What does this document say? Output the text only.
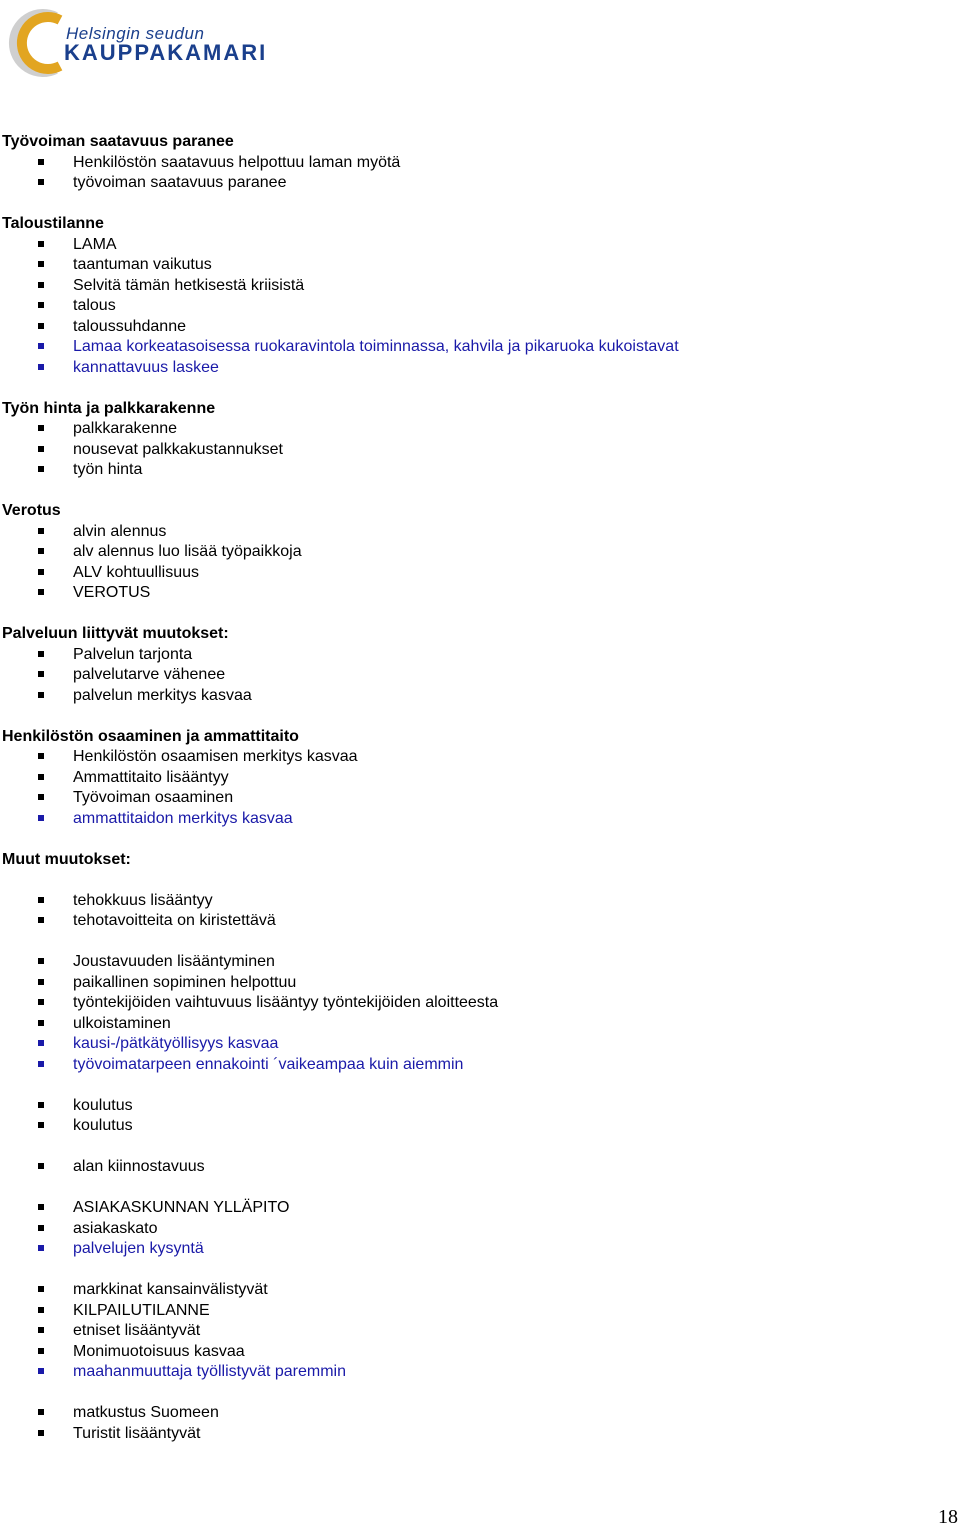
Helsingin seudun
KAUPPAKAMARI
Työvoiman saatavuus paranee
Henkilöstön saatavuus helpottuu laman myötä
työvoiman saatavuus paranee
Taloustilanne
LAMA
taantuman vaikutus
Selvitä tämän hetkisestä kriisistä
talous
taloussuhdanne
Lamaa korkeatasoisessa ruokaravintola toiminnassa, kahvila ja pikaruoka kukoistavat
kannattavuus laskee
Työn hinta ja palkkarakenne
palkkarakenne
nousevat palkkakustannukset
työn hinta
Verotus
alvin alennus
alv alennus luo lisää työpaikkoja
ALV kohtuullisuus
VEROTUS
Palveluun liittyvät muutokset:
Palvelun tarjonta
palvelutarve vähenee
palvelun merkitys kasvaa
Henkilöstön osaaminen ja ammattitaito
Henkilöstön osaamisen merkitys kasvaa
Ammattitaito lisääntyy
Työvoiman osaaminen
ammattitaidon merkitys kasvaa
Muut muutokset:
tehokkuus lisääntyy
tehotavoitteita on kiristettävä
Joustavuuden lisääntyminen
paikallinen sopiminen helpottuu
työntekijöiden vaihtuvuus lisääntyy työntekijöiden aloitteesta
ulkoistaminen
kausi-/pätkätyöllisyys kasvaa
työvoimatarpeen ennakointi ´vaikeampaa kuin aiemmin
koulutus
koulutus
alan kiinnostavuus
ASIAKASKUNNAN YLLÄPITO
asiakaskato
palvelujen kysyntä
markkinat kansainvälistyvät
KILPAILUTILANNE
etniset lisääntyvät
Monimuotoisuus kasvaa
maahanmuuttaja työllistyvät paremmin
matkustus Suomeen
Turistit lisääntyvät
18
